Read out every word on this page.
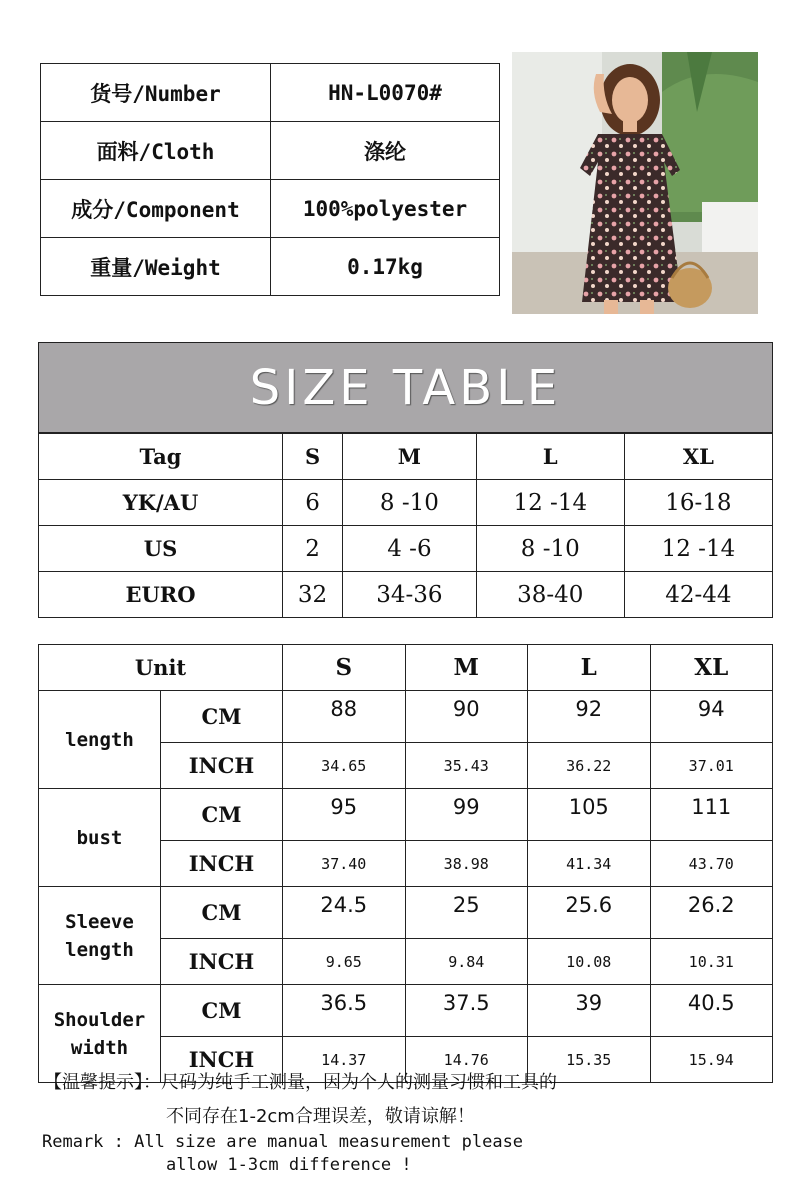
货号/Number	HN-L0070#
面料/Cloth	涤纶
成分/Component	100%polyester
重量/Weight	0.17kg
SIZE TABLE
Tag	S	M	L	XL
YK/AU	6	8 -10	12 -14	16-18
US	2	4 -6	8 -10	12 -14
EURO	32	34-36	38-40	42-44
Unit		S	M	L	XL
length	CM	88	90	92	94
	INCH	34.65	35.43	36.22	37.01
bust	CM	95	99	105	111
	INCH	37.40	38.98	41.34	43.70
Sleeve
length	CM	24.5	25	25.6	26.2
	INCH	9.65	9.84	10.08	10.31
Shoulder
width	CM	36.5	37.5	39	40.5
	INCH	14.37	14.76	15.35	15.94
【温馨提示】：尺码为纯手工测量，因为个人的测量习惯和工具的
不同存在1-2cm合理误差，敬请谅解！
Remark : All size are manual measurement please
allow 1-3cm difference !
